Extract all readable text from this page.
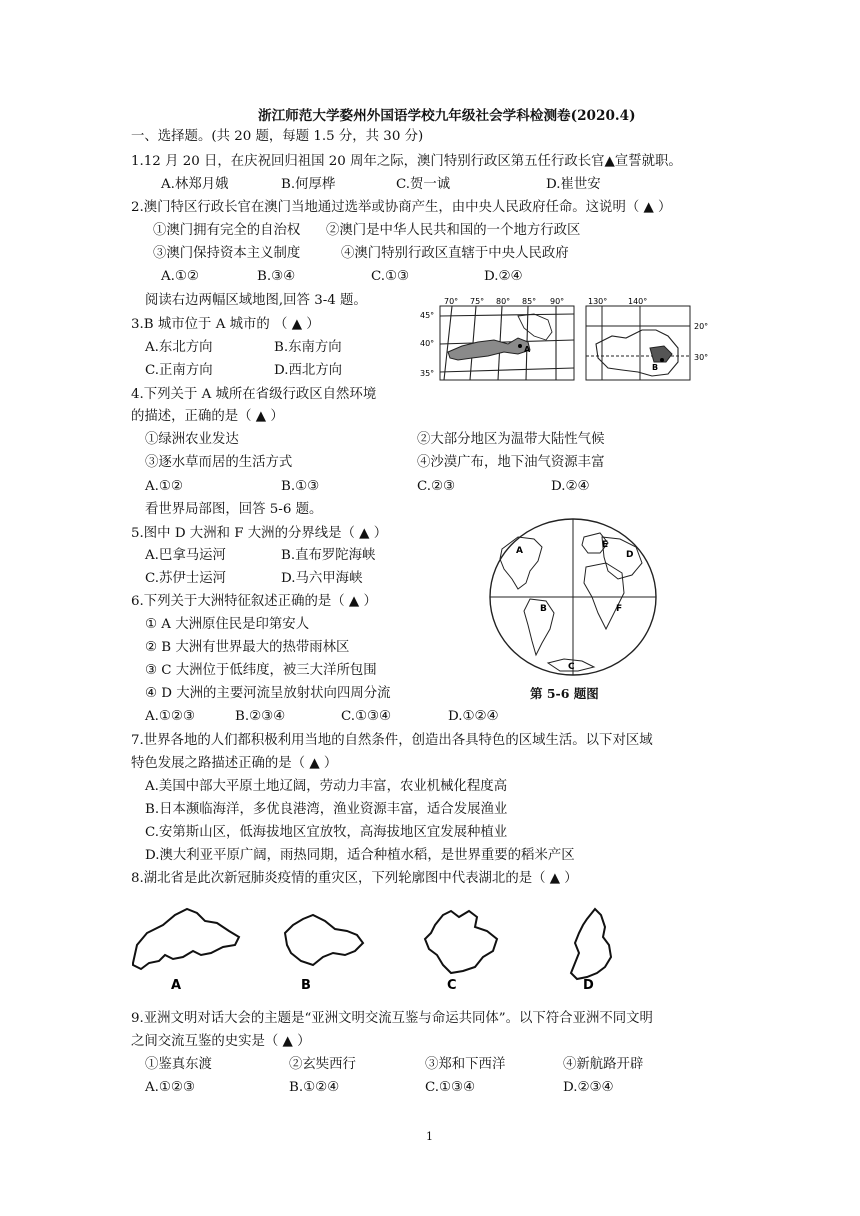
浙江师范大学婺州外国语学校九年级社会学科检测卷(2020.4)
一、选择题。(共 20 题，每题 1.5 分，共 30 分)
1.12 月 20 日，在庆祝回归祖国 20 周年之际，澳门特别行政区第五任行政长官▲宣誓就职。
A.林郑月娥	B.何厚桦	C.贺一诚	D.崔世安
2.澳门特区行政长官在澳门当地通过选举或协商产生，由中央人民政府任命。这说明（ ▲ ）
①澳门拥有完全的自治权 ②澳门是中华人民共和国的一个地方行政区
③澳门保持资本主义制度	④澳门特别行政区直辖于中央人民政府
A.①②	B.③④	C.①③	D.②④
阅读右边两幅区域地图,回答 3-4 题。
3.B 城市位于 A 城市的 （ ▲ ）
A.东北方向	B.东南方向
C.正南方向	D.西北方向
4.下列关于 A 城所在省级行政区自然环境
的描述，正确的是（ ▲ ）
①绿洲农业发达	②大部分地区为温带大陆性气候
③逐水草而居的生活方式	④沙漠广布，地下油气资源丰富
A.①②	B.①③	C.②③	D.②④
看世界局部图，回答 5-6 题。
5.图中 D 大洲和 F 大洲的分界线是（ ▲ ）
A.巴拿马运河	B.直布罗陀海峡
C.苏伊士运河	D.马六甲海峡
6.下列关于大洲特征叙述正确的是（ ▲ ）
① A 大洲原住民是印第安人
② B 大洲有世界最大的热带雨林区
③ C 大洲位于低纬度，被三大洋所包围
④ D 大洲的主要河流呈放射状向四周分流
A.①②③	B.②③④	C.①③④	D.①②④
7.世界各地的人们都积极利用当地的自然条件，创造出各具特色的区域生活。以下对区域
特色发展之路描述正确的是（ ▲ ）
A.美国中部大平原土地辽阔，劳动力丰富，农业机械化程度高
B.日本濒临海洋，多优良港湾，渔业资源丰富，适合发展渔业
C.安第斯山区，低海拔地区宜放牧，高海拔地区宜发展种植业
D.澳大利亚平原广阔，雨热同期，适合种植水稻，是世界重要的稻米产区
8.湖北省是此次新冠肺炎疫情的重灾区，下列轮廓图中代表湖北的是（ ▲ ）
A	B	C	D
9.亚洲文明对话大会的主题是“亚洲文明交流互鉴与命运共同体”。以下符合亚洲不同文明
之间交流互鉴的史实是（ ▲ ）
①鉴真东渡	②玄奘西行	③郑和下西洋	④新航路开辟
A.①②③	B.①②④	C.①③④	D.②③④
A
70° 75° 80° 85° 90°
45°
40°
35°
B
130°	140°
20°
30°
A
B
C
D
E
F
第 5-6 题图
1
